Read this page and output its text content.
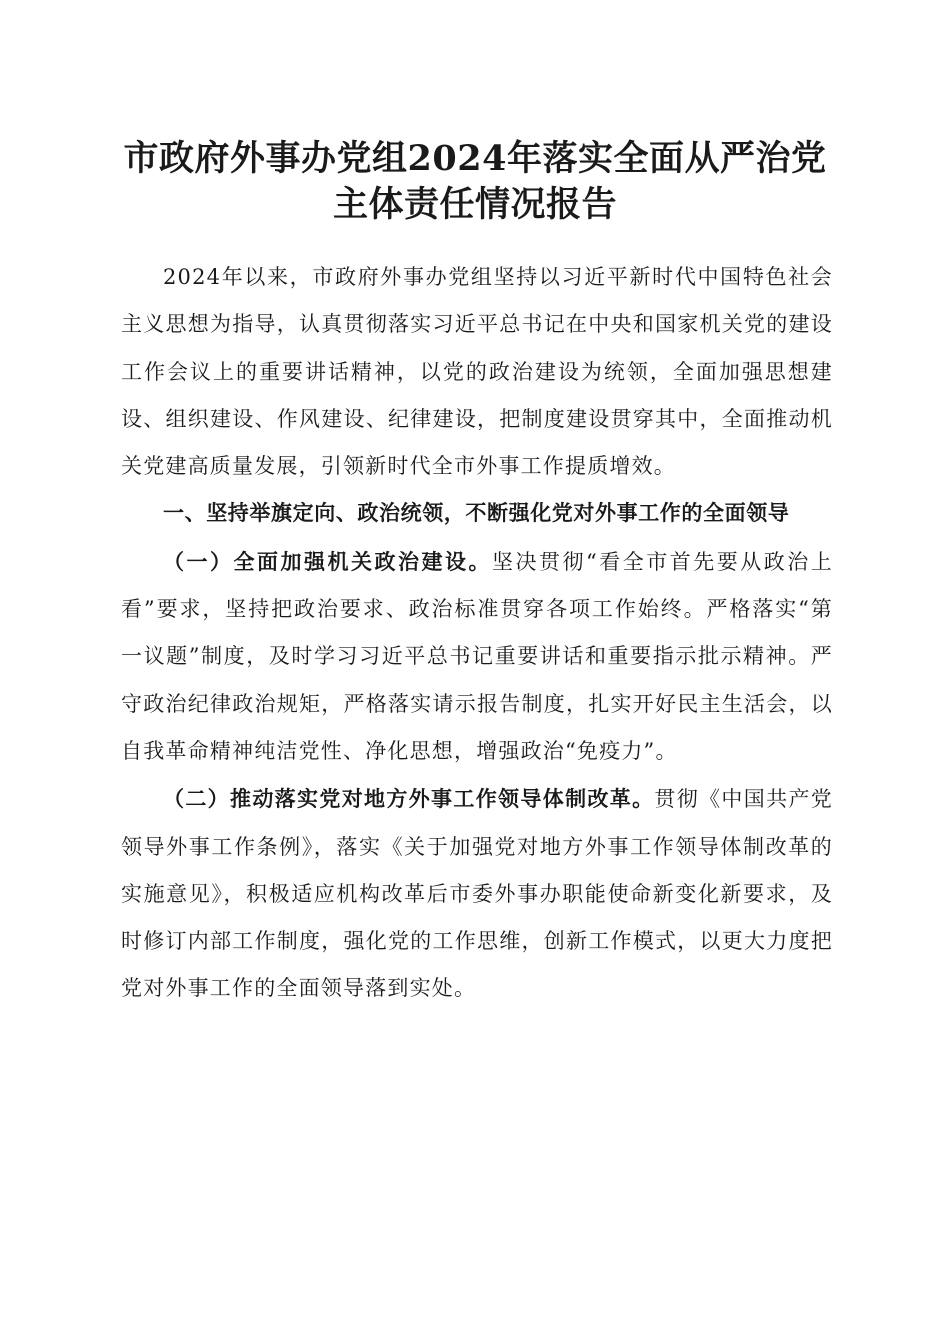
市政府外事办党组2024年落实全面从严治党
主体责任情况报告

2024年以来，市政府外事办党组坚持以习近平新时代中国特色社会主义思想为指导，认真贯彻落实习近平总书记在中央和国家机关党的建设工作会议上的重要讲话精神，以党的政治建设为统领，全面加强思想建设、组织建设、作风建设、纪律建设，把制度建设贯穿其中，全面推动机关党建高质量发展，引领新时代全市外事工作提质增效。

一、坚持举旗定向、政治统领，不断强化党对外事工作的全面领导

（一）全面加强机关政治建设。坚决贯彻“看全市首先要从政治上看”要求，坚持把政治要求、政治标准贯穿各项工作始终。严格落实“第一议题”制度，及时学习习近平总书记重要讲话和重要指示批示精神。严守政治纪律政治规矩，严格落实请示报告制度，扎实开好民主生活会，以自我革命精神纯洁党性、净化思想，增强政治“免疫力”。

（二）推动落实党对地方外事工作领导体制改革。贯彻《中国共产党领导外事工作条例》，落实《关于加强党对地方外事工作领导体制改革的实施意见》，积极适应机构改革后市委外事办职能使命新变化新要求，及时修订内部工作制度，强化党的工作思维，创新工作模式，以更大力度把党对外事工作的全面领导落到实处。
